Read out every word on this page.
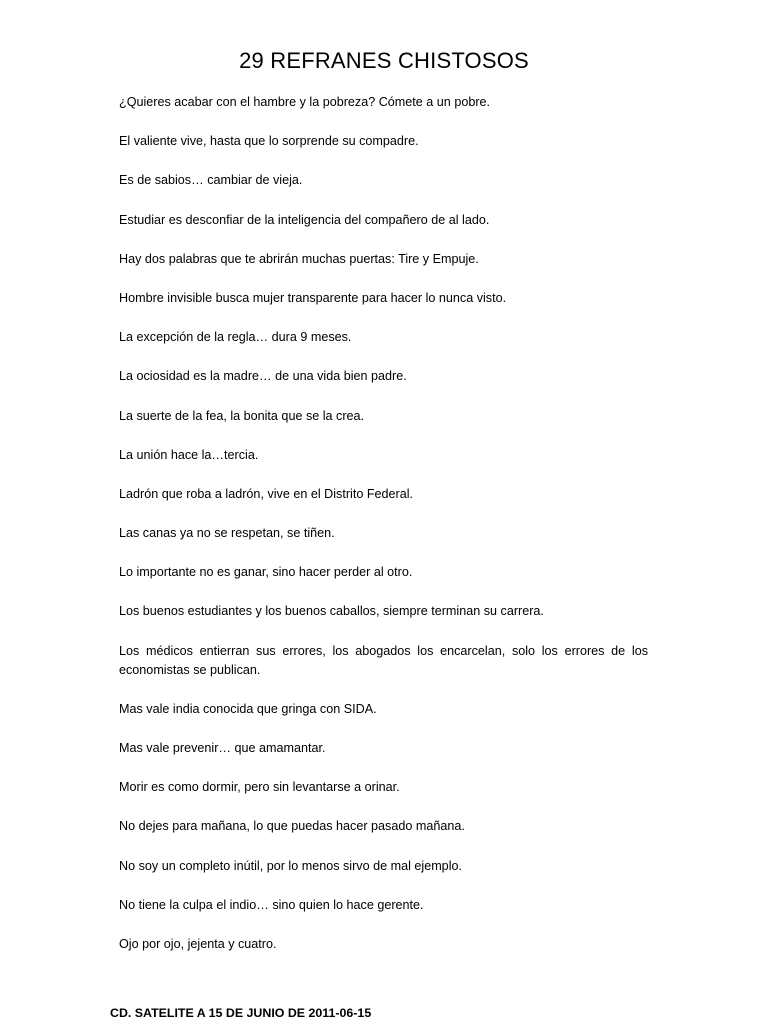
29 REFRANES CHISTOSOS
¿Quieres acabar con el hambre y la pobreza? Cómete a un pobre.
El valiente vive, hasta que lo sorprende su compadre.
Es de sabios… cambiar de vieja.
Estudiar es desconfiar de la inteligencia del compañero de al lado.
Hay dos palabras que te abrirán muchas puertas: Tire y Empuje.
Hombre invisible busca mujer transparente para hacer lo nunca visto.
La excepción de la regla… dura 9 meses.
La ociosidad es la madre… de una vida bien padre.
La suerte de la fea, la bonita que se la crea.
La unión hace la…tercia.
Ladrón que roba a ladrón, vive en el Distrito Federal.
Las canas ya no se respetan, se tiñen.
Lo importante no es ganar, sino hacer perder al otro.
Los buenos estudiantes y los buenos caballos, siempre terminan su carrera.
Los médicos entierran sus errores, los abogados los encarcelan, solo los errores de los economistas se publican.
Mas vale india conocida que gringa con SIDA.
Mas vale prevenir… que amamantar.
Morir es como dormir, pero sin levantarse a orinar.
No dejes para mañana, lo que puedas hacer pasado mañana.
No soy un completo inútil, por lo menos sirvo de mal ejemplo.
No tiene la culpa el indio… sino quien lo hace gerente.
Ojo por ojo, jejenta y cuatro.
CD. SATELITE A 15 DE JUNIO DE 2011-06-15
